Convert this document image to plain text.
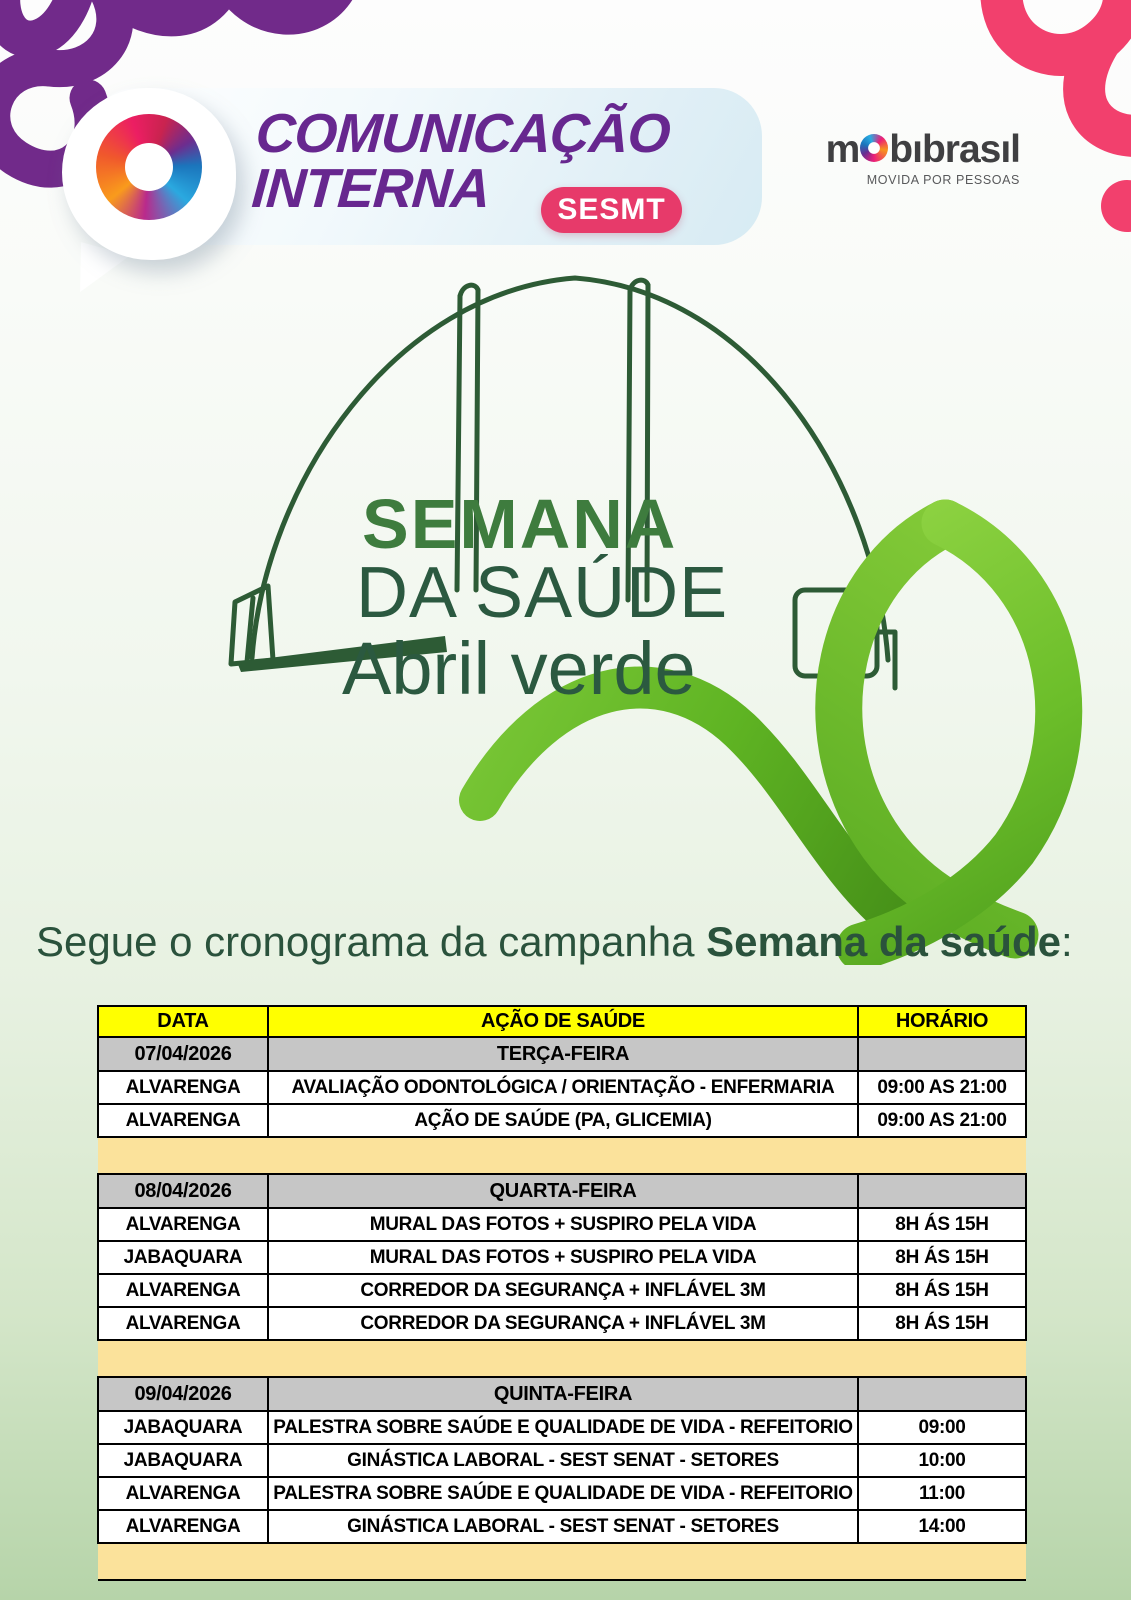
COMUNICAÇÃO
INTERNA	SESMT
m bıbrasıl
MOVIDA POR PESSOAS
SEMANA
DA SAÚDE
Abril verde
Segue o cronograma da campanha Semana da saúde:
DATA	AÇÃO DE SAÚDE	HORÁRIO
07/04/2026	TERÇA-FEIRA	
ALVARENGA	AVALIAÇÃO ODONTOLÓGICA / ORIENTAÇÃO - ENFERMARIA	09:00 AS 21:00
ALVARENGA	AÇÃO DE SAÚDE (PA, GLICEMIA)	09:00 AS 21:00

08/04/2026	QUARTA-FEIRA	
ALVARENGA	MURAL DAS FOTOS + SUSPIRO PELA VIDA	8H ÁS 15H
JABAQUARA	MURAL DAS FOTOS + SUSPIRO PELA VIDA	8H ÁS 15H
ALVARENGA	CORREDOR DA SEGURANÇA + INFLÁVEL 3M	8H ÁS 15H
ALVARENGA	CORREDOR DA SEGURANÇA + INFLÁVEL 3M	8H ÁS 15H

09/04/2026	QUINTA-FEIRA	
JABAQUARA	PALESTRA SOBRE SAÚDE E QUALIDADE DE VIDA - REFEITORIO	09:00
JABAQUARA	GINÁSTICA LABORAL - SEST SENAT - SETORES	10:00
ALVARENGA	PALESTRA SOBRE SAÚDE E QUALIDADE DE VIDA - REFEITORIO	11:00
ALVARENGA	GINÁSTICA LABORAL - SEST SENAT - SETORES	14:00
